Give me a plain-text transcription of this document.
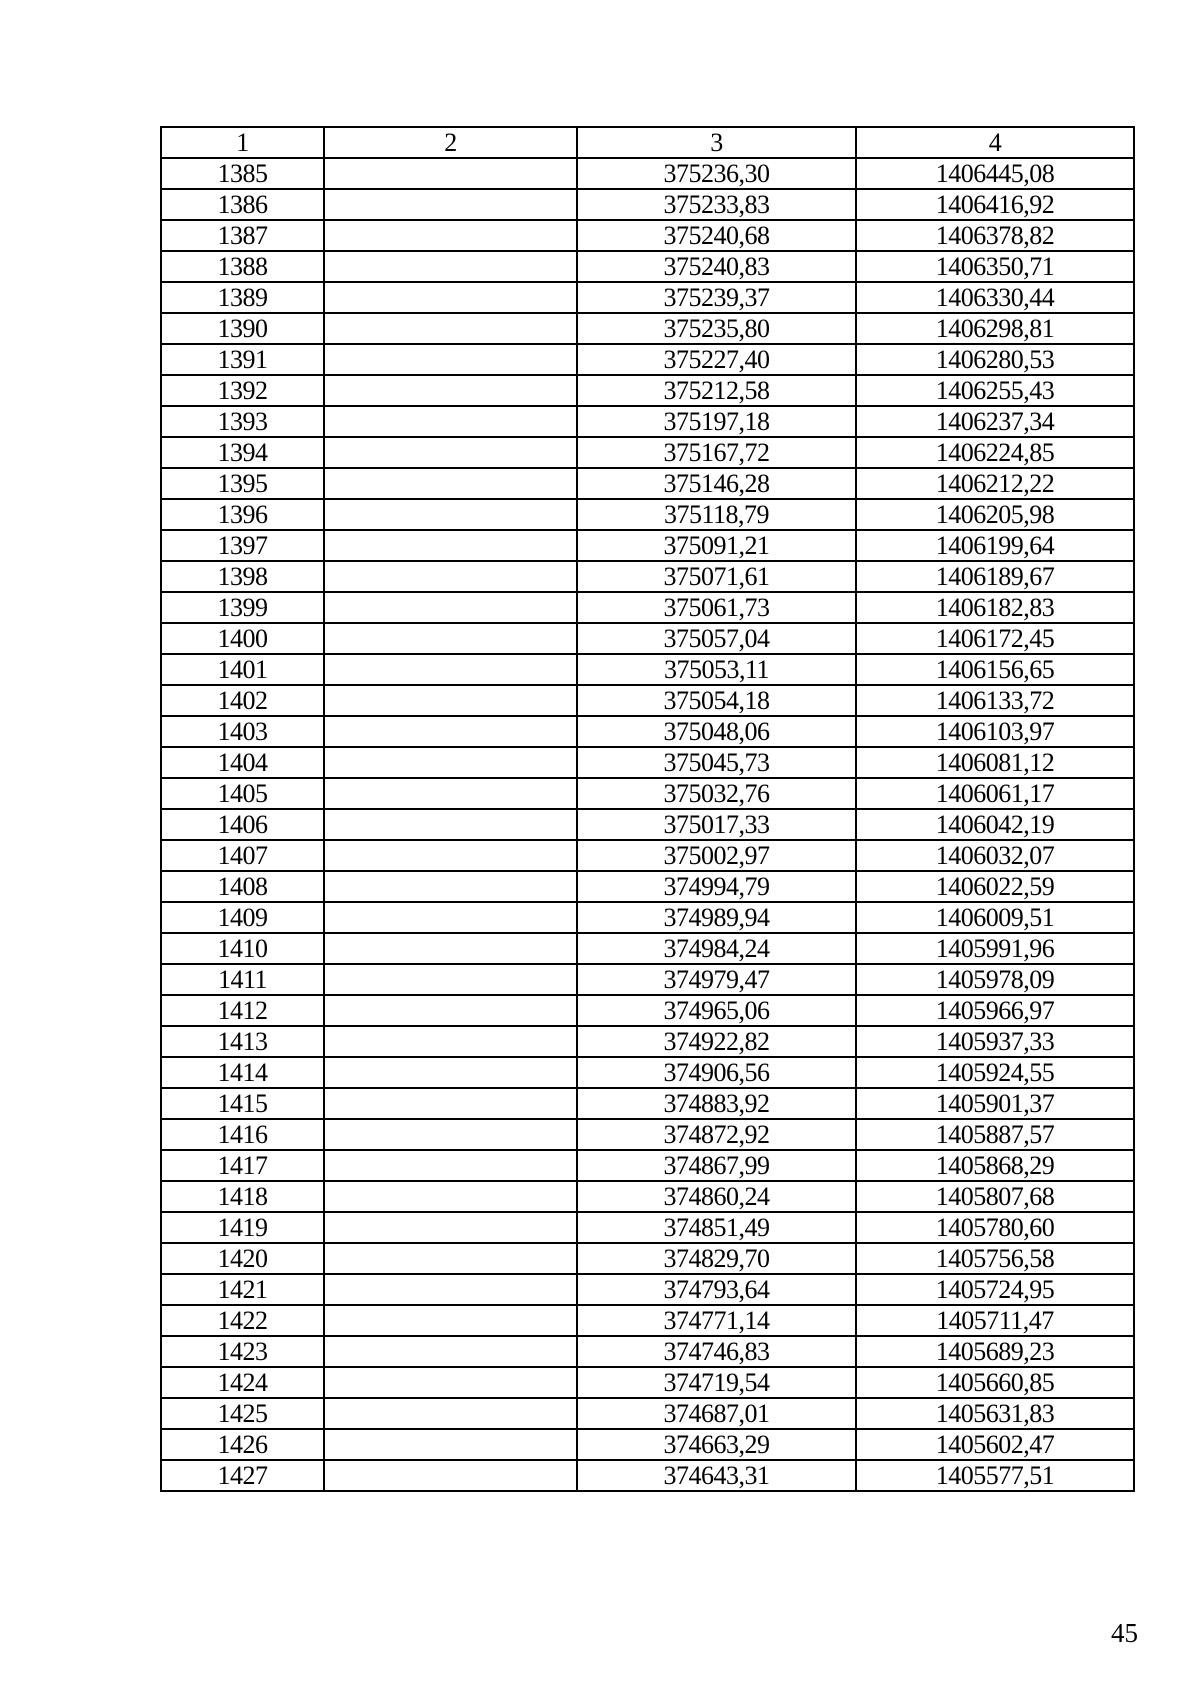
1	2	3	4
1385		375236,30	1406445,08
1386		375233,83	1406416,92
1387		375240,68	1406378,82
1388		375240,83	1406350,71
1389		375239,37	1406330,44
1390		375235,80	1406298,81
1391		375227,40	1406280,53
1392		375212,58	1406255,43
1393		375197,18	1406237,34
1394		375167,72	1406224,85
1395		375146,28	1406212,22
1396		375118,79	1406205,98
1397		375091,21	1406199,64
1398		375071,61	1406189,67
1399		375061,73	1406182,83
1400		375057,04	1406172,45
1401		375053,11	1406156,65
1402		375054,18	1406133,72
1403		375048,06	1406103,97
1404		375045,73	1406081,12
1405		375032,76	1406061,17
1406		375017,33	1406042,19
1407		375002,97	1406032,07
1408		374994,79	1406022,59
1409		374989,94	1406009,51
1410		374984,24	1405991,96
1411		374979,47	1405978,09
1412		374965,06	1405966,97
1413		374922,82	1405937,33
1414		374906,56	1405924,55
1415		374883,92	1405901,37
1416		374872,92	1405887,57
1417		374867,99	1405868,29
1418		374860,24	1405807,68
1419		374851,49	1405780,60
1420		374829,70	1405756,58
1421		374793,64	1405724,95
1422		374771,14	1405711,47
1423		374746,83	1405689,23
1424		374719,54	1405660,85
1425		374687,01	1405631,83
1426		374663,29	1405602,47
1427		374643,31	1405577,51
45
